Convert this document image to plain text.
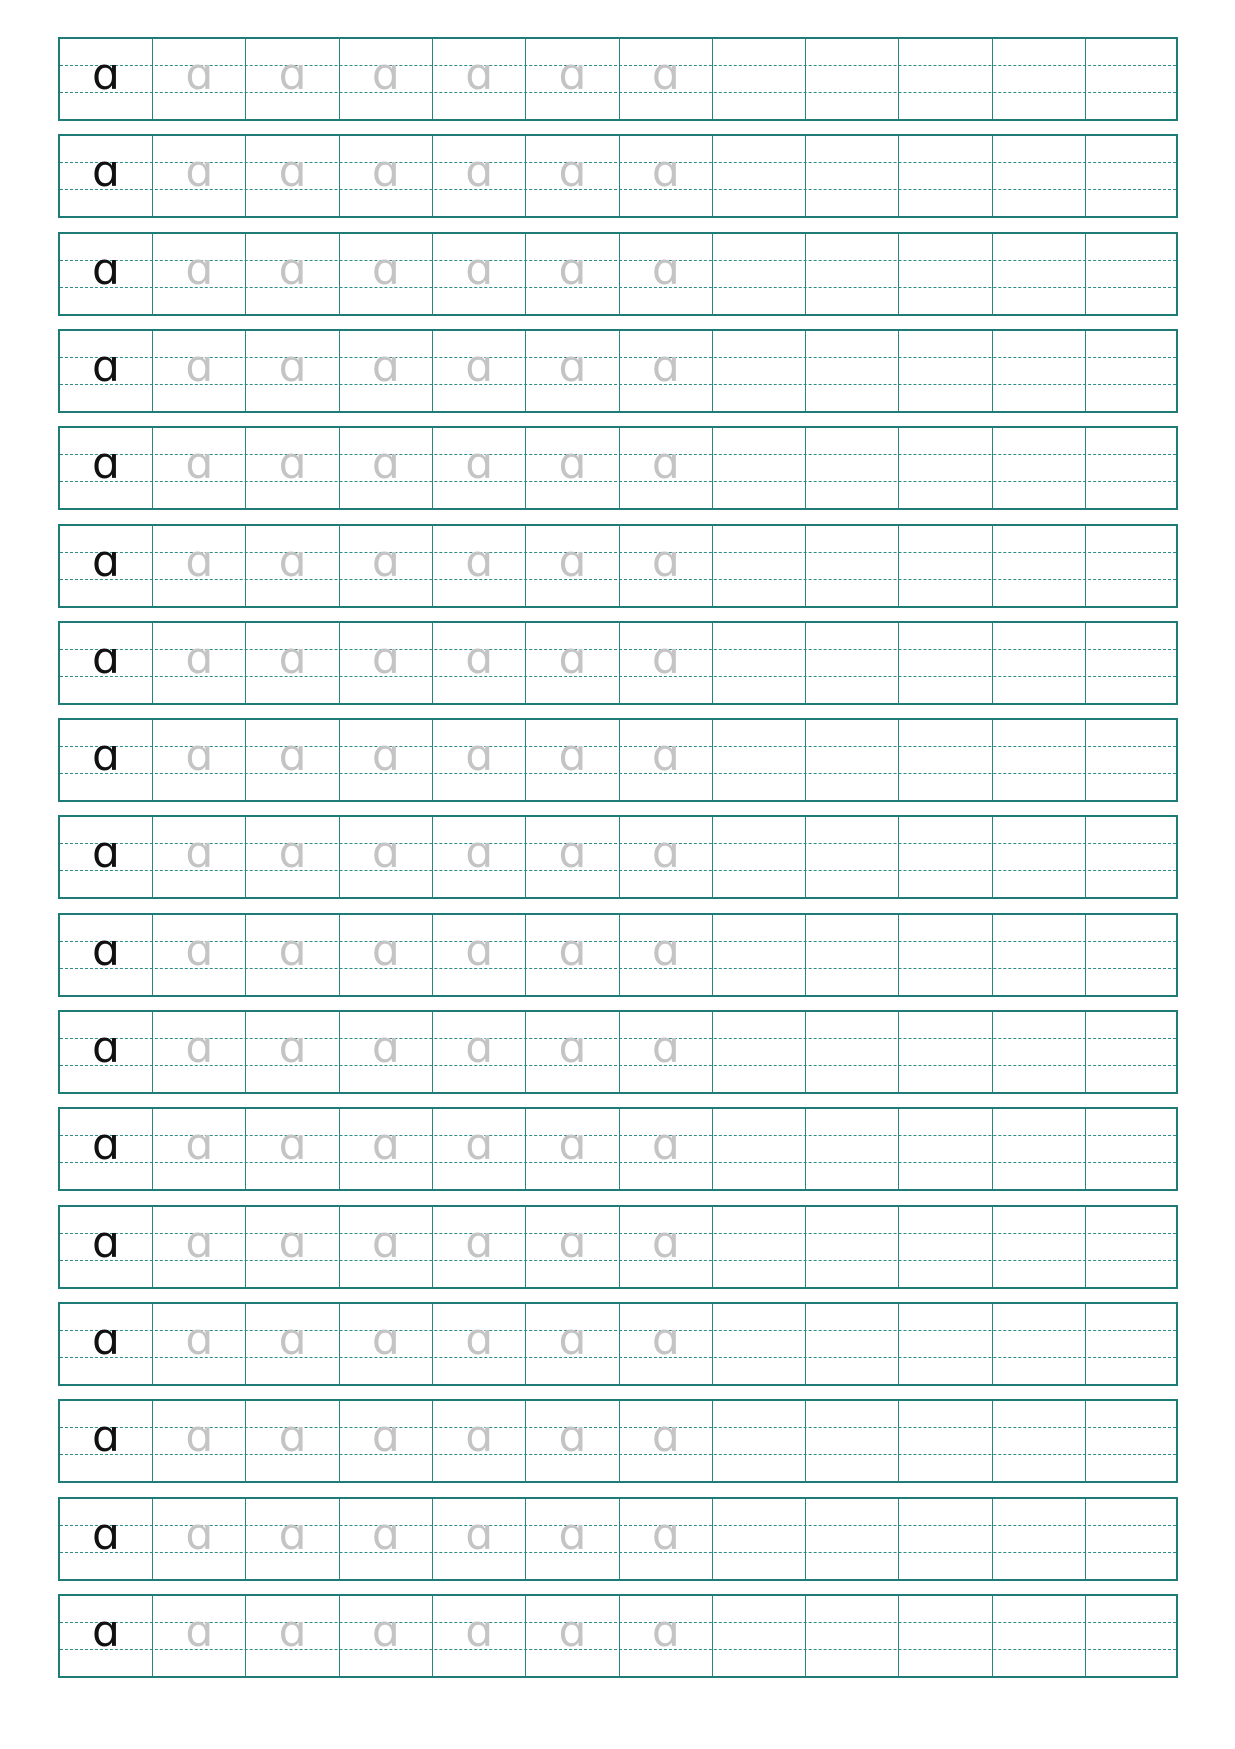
ɑ ɑ ɑ ɑ ɑ ɑ ɑ
ɑ ɑ ɑ ɑ ɑ ɑ ɑ
ɑ ɑ ɑ ɑ ɑ ɑ ɑ
ɑ ɑ ɑ ɑ ɑ ɑ ɑ
ɑ ɑ ɑ ɑ ɑ ɑ ɑ
ɑ ɑ ɑ ɑ ɑ ɑ ɑ
ɑ ɑ ɑ ɑ ɑ ɑ ɑ
ɑ ɑ ɑ ɑ ɑ ɑ ɑ
ɑ ɑ ɑ ɑ ɑ ɑ ɑ
ɑ ɑ ɑ ɑ ɑ ɑ ɑ
ɑ ɑ ɑ ɑ ɑ ɑ ɑ
ɑ ɑ ɑ ɑ ɑ ɑ ɑ
ɑ ɑ ɑ ɑ ɑ ɑ ɑ
ɑ ɑ ɑ ɑ ɑ ɑ ɑ
ɑ ɑ ɑ ɑ ɑ ɑ ɑ
ɑ ɑ ɑ ɑ ɑ ɑ ɑ
ɑ ɑ ɑ ɑ ɑ ɑ ɑ
